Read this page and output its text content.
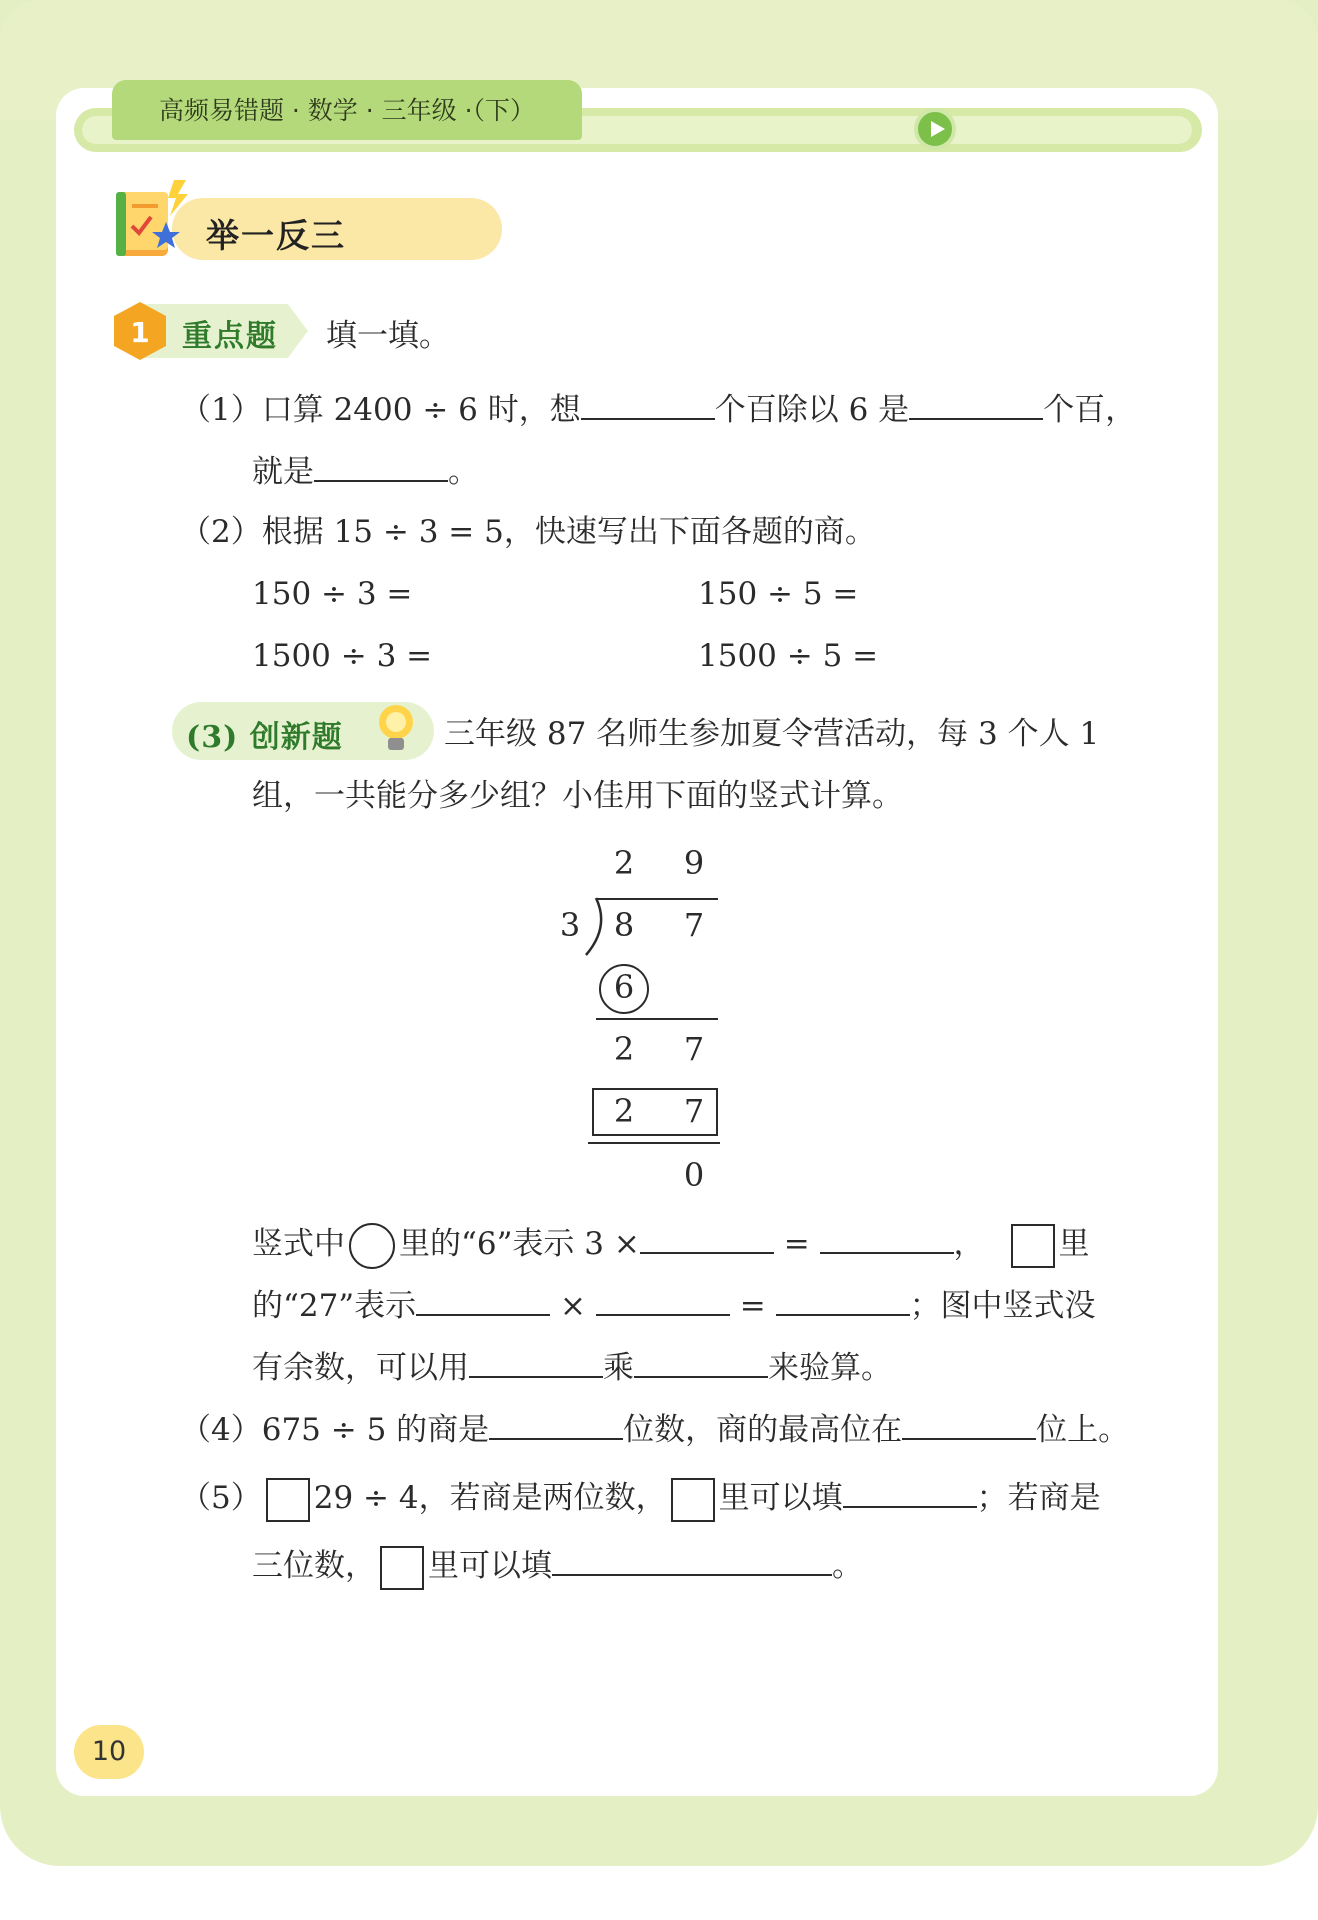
高频易错题 · 数学 · 三年级 ·（下）
举一反三
1 重点题 填一填。
（1）口算 2400 ÷ 6 时，想	个百除以 6 是	个百，
就是	。
（2）根据 15 ÷ 3 = 5，快速写出下面各题的商。
150 ÷ 3 =	150 ÷ 5 =
1500 ÷ 3 =	1500 ÷ 5 =
(3) 创新题	三年级 87 名师生参加夏令营活动，每 3 个人 1
组，一共能分多少组？小佳用下面的竖式计算。
2	9
3	8	7
6
2	7
2	7
0
竖式中 里的“6”表示 3 ×	=	， 里
的“27”表示	×	=	；图中竖式没
有余数，可以用	乘	来验算。
（4）675 ÷ 5 的商是	位数，商的最高位在	位上。
（5） 29 ÷ 4，若商是两位数， 里可以填	；若商是
三位数， 里可以填	。
10
